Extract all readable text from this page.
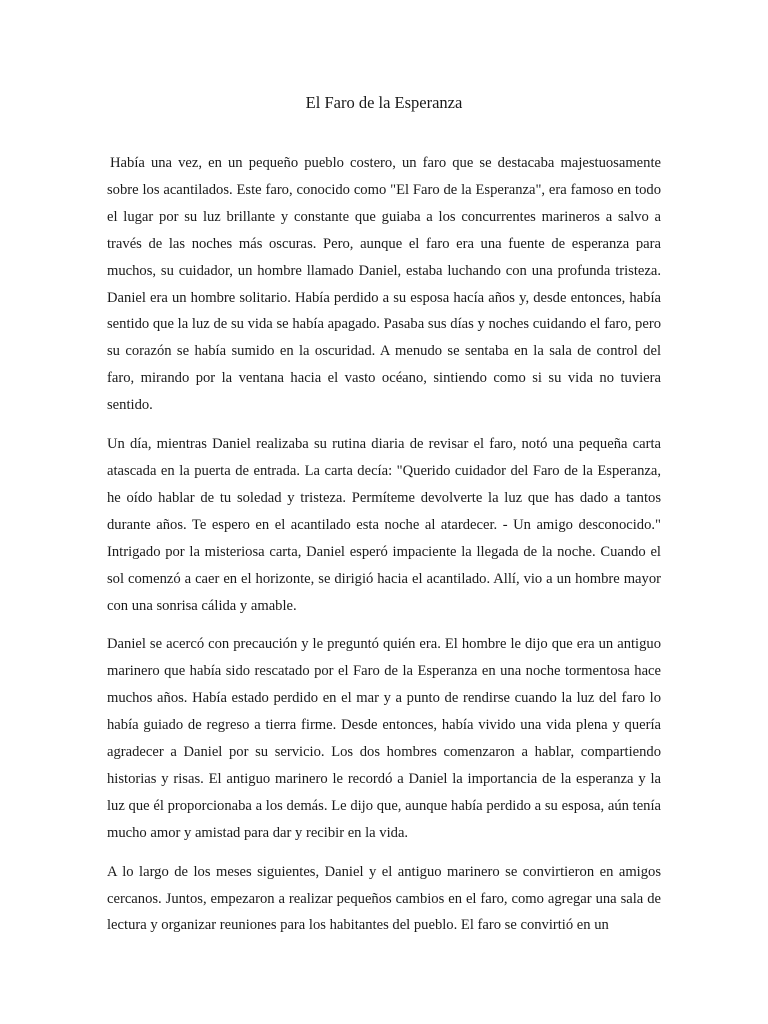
El Faro de la Esperanza

Había una vez, en un pequeño pueblo costero, un faro que se destacaba majestuosamente sobre los acantilados. Este faro, conocido como "El Faro de la Esperanza", era famoso en todo el lugar por su luz brillante y constante que guiaba a los concurrentes marineros a salvo a través de las noches más oscuras. Pero, aunque el faro era una fuente de esperanza para muchos, su cuidador, un hombre llamado Daniel, estaba luchando con una profunda tristeza. Daniel era un hombre solitario. Había perdido a su esposa hacía años y, desde entonces, había sentido que la luz de su vida se había apagado. Pasaba sus días y noches cuidando el faro, pero su corazón se había sumido en la oscuridad. A menudo se sentaba en la sala de control del faro, mirando por la ventana hacia el vasto océano, sintiendo como si su vida no tuviera sentido.

Un día, mientras Daniel realizaba su rutina diaria de revisar el faro, notó una pequeña carta atascada en la puerta de entrada. La carta decía: "Querido cuidador del Faro de la Esperanza, he oído hablar de tu soledad y tristeza. Permíteme devolverte la luz que has dado a tantos durante años. Te espero en el acantilado esta noche al atardecer. - Un amigo desconocido." Intrigado por la misteriosa carta, Daniel esperó impaciente la llegada de la noche. Cuando el sol comenzó a caer en el horizonte, se dirigió hacia el acantilado. Allí, vio a un hombre mayor con una sonrisa cálida y amable.

Daniel se acercó con precaución y le preguntó quién era. El hombre le dijo que era un antiguo marinero que había sido rescatado por el Faro de la Esperanza en una noche tormentosa hace muchos años. Había estado perdido en el mar y a punto de rendirse cuando la luz del faro lo había guiado de regreso a tierra firme. Desde entonces, había vivido una vida plena y quería agradecer a Daniel por su servicio. Los dos hombres comenzaron a hablar, compartiendo historias y risas. El antiguo marinero le recordó a Daniel la importancia de la esperanza y la luz que él proporcionaba a los demás. Le dijo que, aunque había perdido a su esposa, aún tenía mucho amor y amistad para dar y recibir en la vida.

A lo largo de los meses siguientes, Daniel y el antiguo marinero se convirtieron en amigos cercanos. Juntos, empezaron a realizar pequeños cambios en el faro, como agregar una sala de lectura y organizar reuniones para los habitantes del pueblo. El faro se convirtió en un
